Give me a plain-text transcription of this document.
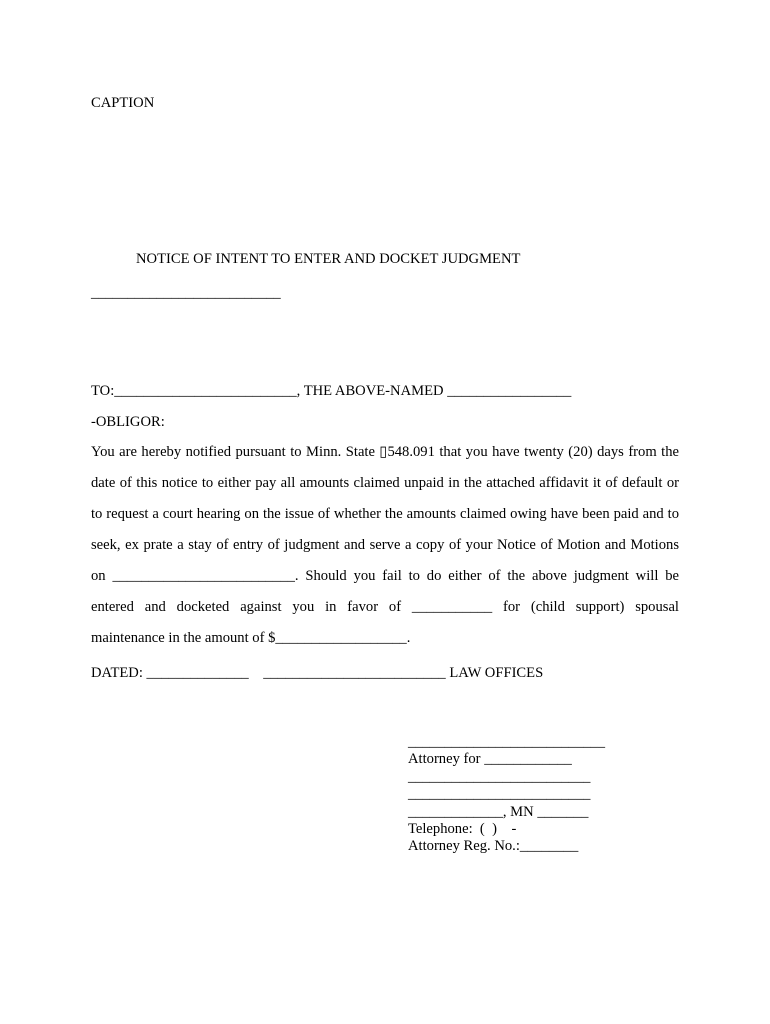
CAPTION
NOTICE OF INTENT TO ENTER AND DOCKET JUDGMENT
__________________________
TO:_________________________, THE ABOVE-NAMED _________________
-OBLIGOR:
You are hereby notified pursuant to Minn. State ▯548.091 that you have twenty (20) days from the
date of this notice to either pay all amounts claimed unpaid in the attached affidavit it of default or
to request a court hearing on the issue of whether the amounts claimed owing have been paid and to
seek, ex prate a stay of entry of judgment and serve a copy of your Notice of Motion and Motions
on _________________________. Should you fail to do either of the above judgment will be
entered and docketed against you in favor of ___________ for (child support) spousal
maintenance in the amount of $__________________.
DATED: ______________    _________________________ LAW OFFICES
___________________________
Attorney for ____________
_________________________
_________________________
_____________, MN _______
Telephone:  (  )    -
Attorney Reg. No.:________
